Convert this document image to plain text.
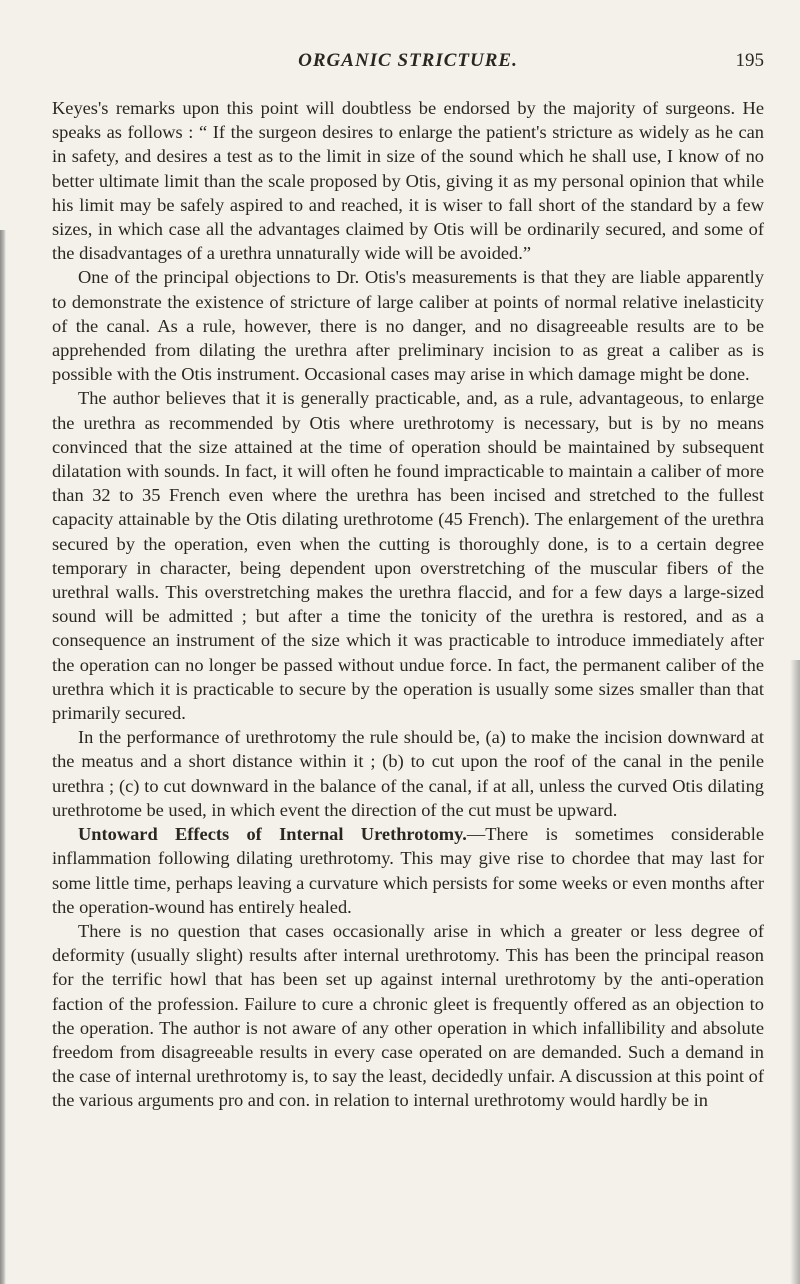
ORGANIC STRICTURE.	195

Keyes's remarks upon this point will doubtless be endorsed by the majority of surgeons. He speaks as follows : “ If the surgeon desires to enlarge the patient's stricture as widely as he can in safety, and desires a test as to the limit in size of the sound which he shall use, I know of no better ultimate limit than the scale proposed by Otis, giving it as my personal opinion that while his limit may be safely aspired to and reached, it is wiser to fall short of the standard by a few sizes, in which case all the advantages claimed by Otis will be ordinarily secured, and some of the disadvantages of a urethra unnaturally wide will be avoided.”

One of the principal objections to Dr. Otis's measurements is that they are liable apparently to demonstrate the existence of stricture of large caliber at points of normal relative inelasticity of the canal. As a rule, however, there is no danger, and no disagreeable results are to be apprehended from dilating the urethra after preliminary incision to as great a caliber as is possible with the Otis instrument. Occasional cases may arise in which damage might be done.

The author believes that it is generally practicable, and, as a rule, advantageous, to enlarge the urethra as recommended by Otis where urethrotomy is necessary, but is by no means convinced that the size attained at the time of operation should be maintained by subsequent dilatation with sounds. In fact, it will often he found impracticable to maintain a caliber of more than 32 to 35 French even where the urethra has been incised and stretched to the fullest capacity attainable by the Otis dilating urethrotome (45 French). The enlargement of the urethra secured by the operation, even when the cutting is thoroughly done, is to a certain degree temporary in character, being dependent upon overstretching of the muscular fibers of the urethral walls. This overstretching makes the urethra flaccid, and for a few days a large-sized sound will be admitted ; but after a time the tonicity of the urethra is restored, and as a consequence an instrument of the size which it was practicable to introduce immediately after the operation can no longer be passed without undue force. In fact, the permanent caliber of the urethra which it is practicable to secure by the operation is usually some sizes smaller than that primarily secured.

In the performance of urethrotomy the rule should be, (a) to make the incision downward at the meatus and a short distance within it ; (b) to cut upon the roof of the canal in the penile urethra ; (c) to cut downward in the balance of the canal, if at all, unless the curved Otis dilating urethrotome be used, in which event the direction of the cut must be upward.

Untoward Effects of Internal Urethrotomy.—There is sometimes considerable inflammation following dilating urethrotomy. This may give rise to chordee that may last for some little time, perhaps leaving a curvature which persists for some weeks or even months after the operation-wound has entirely healed.

There is no question that cases occasionally arise in which a greater or less degree of deformity (usually slight) results after internal urethrotomy. This has been the principal reason for the terrific howl that has been set up against internal urethrotomy by the anti-operation faction of the profession. Failure to cure a chronic gleet is frequently offered as an objection to the operation. The author is not aware of any other operation in which infallibility and absolute freedom from disagreeable results in every case operated on are demanded. Such a demand in the case of internal urethrotomy is, to say the least, decidedly unfair. A discussion at this point of the various arguments pro and con. in relation to internal urethrotomy would hardly be in
